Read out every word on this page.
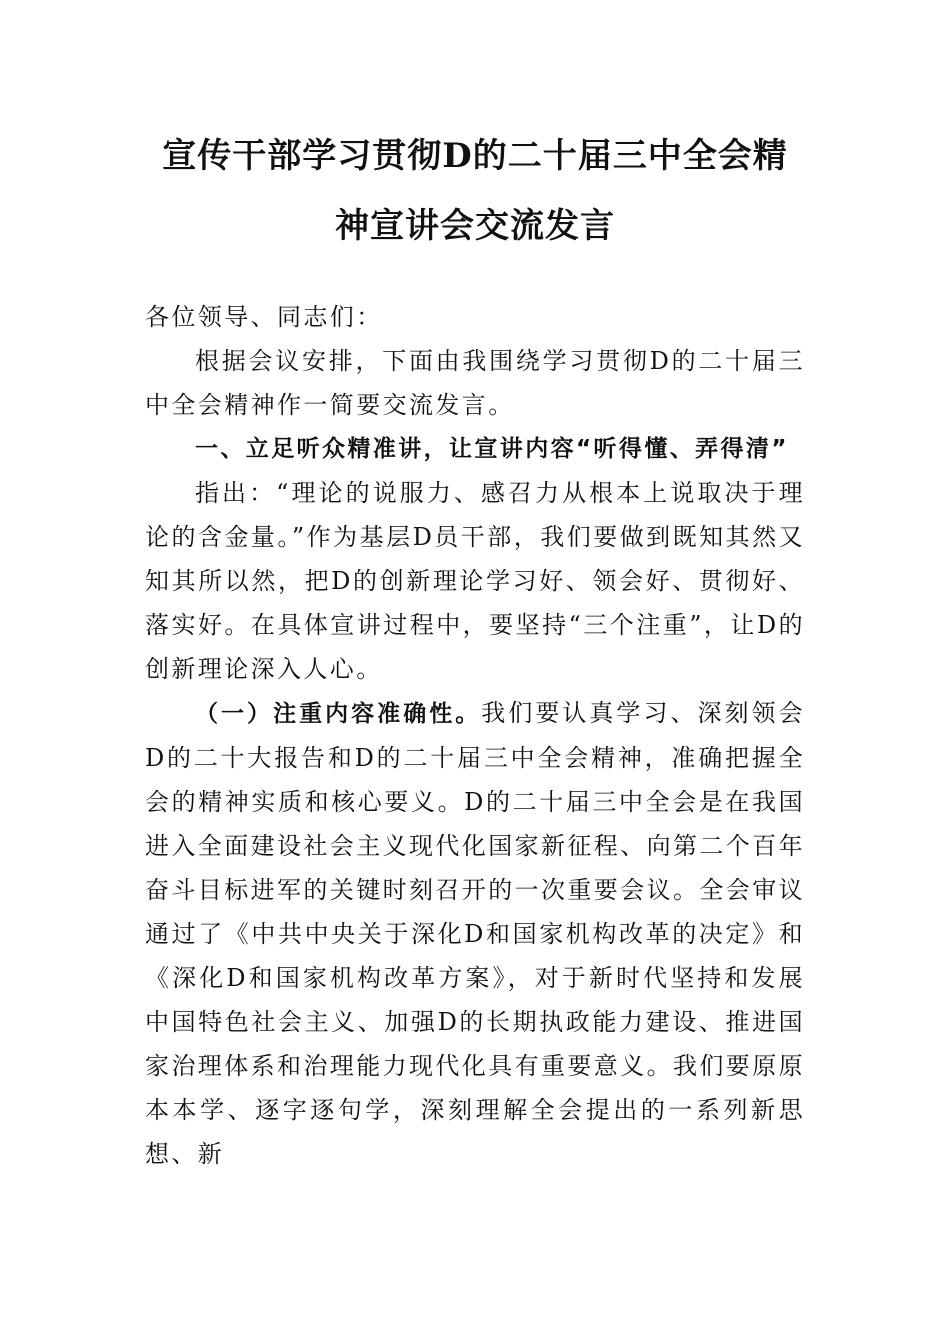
宣传干部学习贯彻D的二十届三中全会精
神宣讲会交流发言

各位领导、同志们：

根据会议安排，下面由我围绕学习贯彻D的二十届三中全会精神作一简要交流发言。

一、立足听众精准讲，让宣讲内容“听得懂、弄得清”

指出：“理论的说服力、感召力从根本上说取决于理论的含金量。”作为基层D员干部，我们要做到既知其然又知其所以然，把D的创新理论学习好、领会好、贯彻好、落实好。在具体宣讲过程中，要坚持“三个注重”，让D的创新理论深入人心。

（一）注重内容准确性。我们要认真学习、深刻领会D的二十大报告和D的二十届三中全会精神，准确把握全会的精神实质和核心要义。D的二十届三中全会是在我国进入全面建设社会主义现代化国家新征程、向第二个百年奋斗目标进军的关键时刻召开的一次重要会议。全会审议通过了《中共中央关于深化D和国家机构改革的决定》和《深化D和国家机构改革方案》，对于新时代坚持和发展中国特色社会主义、加强D的长期执政能力建设、推进国家治理体系和治理能力现代化具有重要意义。我们要原原本本学、逐字逐句学，深刻理解全会提出的一系列新思想、新
